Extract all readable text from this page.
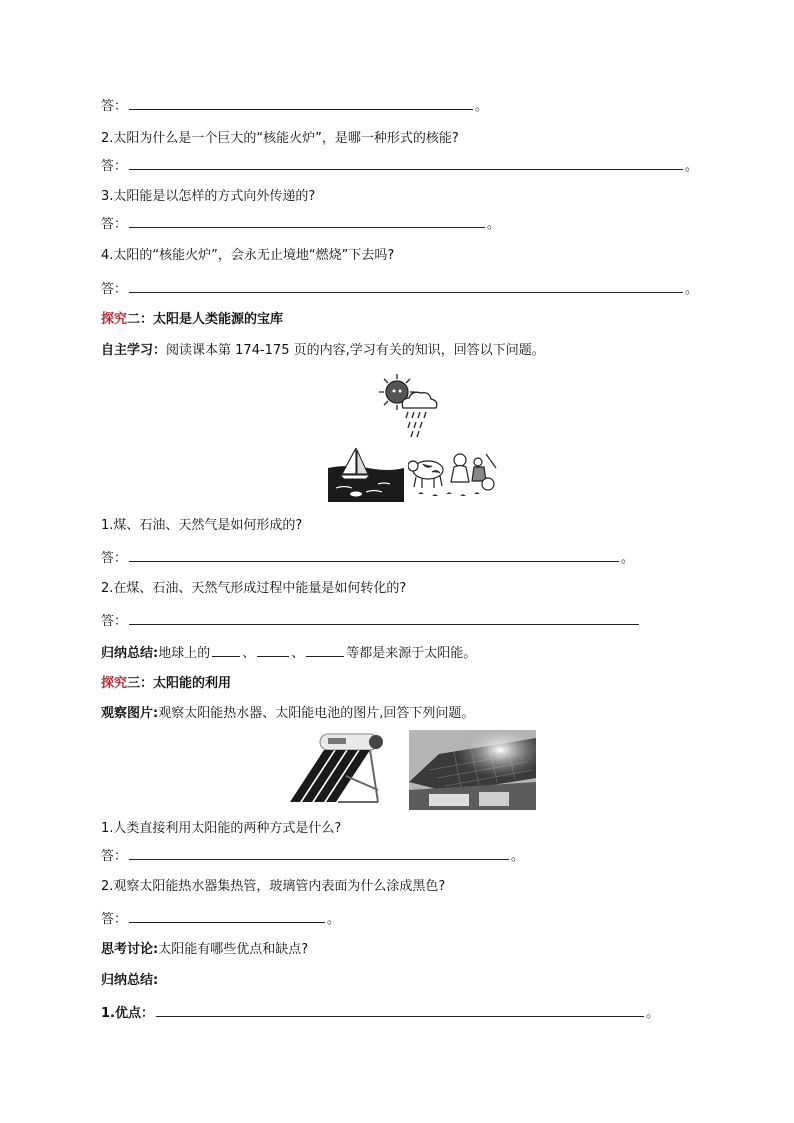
答：	。
2.太阳为什么是一个巨大的“核能火炉”，是哪一种形式的核能?
答：	。
3.太阳能是以怎样的方式向外传递的?
答：	。
4.太阳的“核能火炉”，会永无止境地“燃烧”下去吗?
答：	。
探究二：太阳是人类能源的宝库
自主学习：阅读课本第 174-175 页的内容,学习有关的知识，回答以下问题。
1.煤、石油、天然气是如何形成的?
答：	。
2.在煤、石油、天然气形成过程中能量是如何转化的?
答：
归纳总结:地球上的 、	、	等都是来源于太阳能。
探究三：太阳能的利用
观察图片:观察太阳能热水器、太阳能电池的图片,回答下列问题。
1.人类直接利用太阳能的两种方式是什么?
答：	。
2.观察太阳能热水器集热管，玻璃管内表面为什么涂成黑色?
答：	。
思考讨论:太阳能有哪些优点和缺点?
归纳总结:
1.优点：	。
